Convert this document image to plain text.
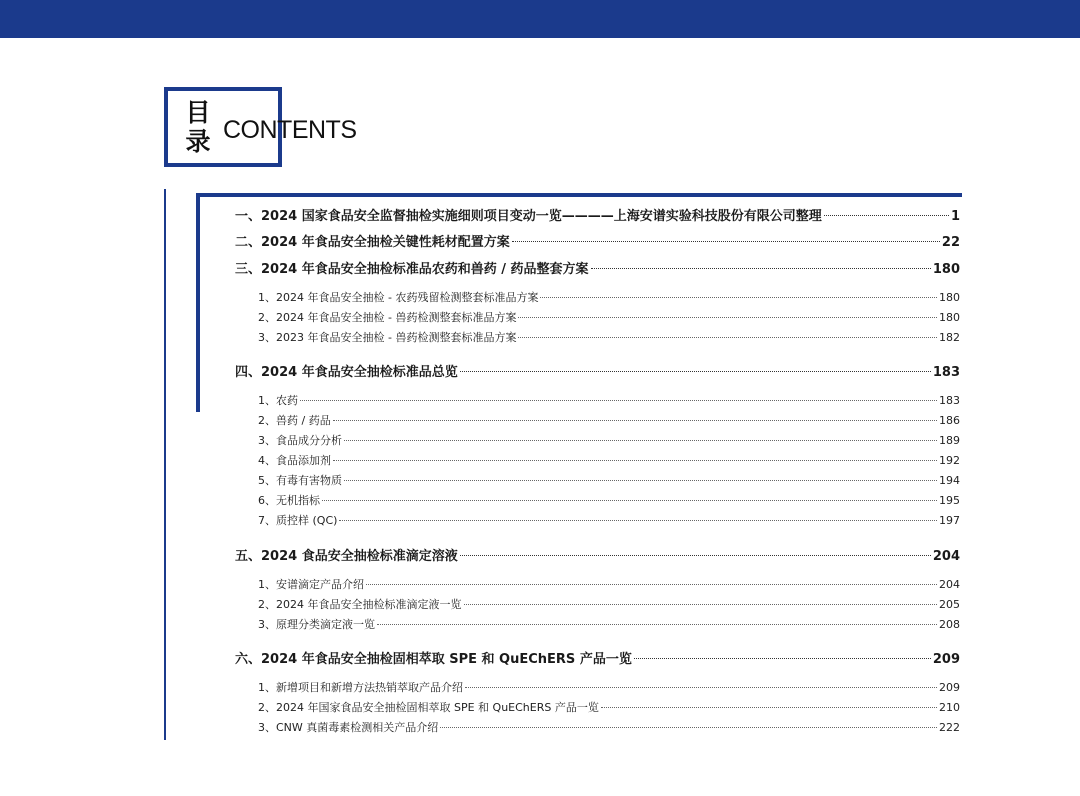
目
录 CONTENTS
一、2024 国家食品安全监督抽检实施细则项目变动一览————上海安谱实验科技股份有限公司整理	1
二、2024 年食品安全抽检关键性耗材配置方案	22
三、2024 年食品安全抽检标准品农药和兽药 / 药品整套方案	180
1、2024 年食品安全抽检 - 农药残留检测整套标准品方案	180
2、2024 年食品安全抽检 - 兽药检测整套标准品方案	180
3、2023 年食品安全抽检 - 兽药检测整套标准品方案	182
四、2024 年食品安全抽检标准品总览	183
1、农药	183
2、兽药 / 药品	186
3、食品成分分析	189
4、食品添加剂	192
5、有毒有害物质	194
6、无机指标	195
7、质控样 (QC)	197
五、2024 食品安全抽检标准滴定溶液	204
1、安谱滴定产品介绍	204
2、2024 年食品安全抽检标准滴定液一览	205
3、原理分类滴定液一览	208
六、2024 年食品安全抽检固相萃取 SPE 和 QuEChERS 产品一览	209
1、新增项目和新增方法热销萃取产品介绍	209
2、2024 年国家食品安全抽检固相萃取 SPE 和 QuEChERS 产品一览	210
3、CNW 真菌毒素检测相关产品介绍	222
